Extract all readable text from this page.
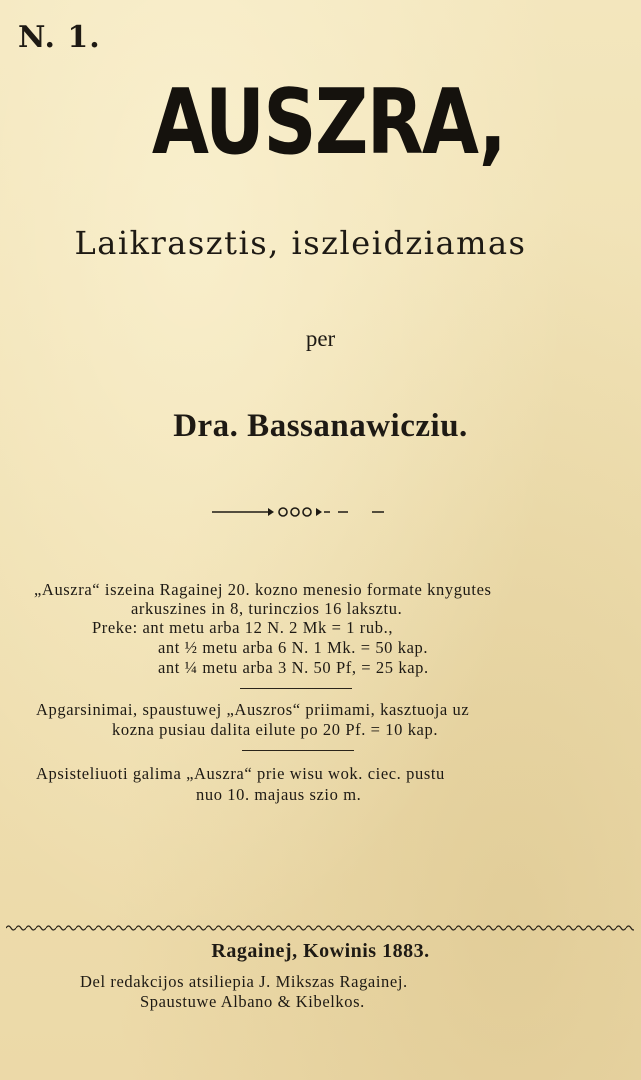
N. 1.
AUSZRA,
Laikrasztis, iszleidziamas
per
Dra. Bassanawicziu.
„Auszra“ iszeina Ragainej 20. kozno menesio formate knygutes
arkuszines in 8, turinczios 16 laksztu.
Preke: ant metu arba 12 N. 2 Mk = 1 rub.,
ant ½ metu arba 6 N. 1 Mk. = 50 kap.
ant ¼ metu arba 3 N. 50 Pf, = 25 kap.
Apgarsinimai, spaustuwej „Auszros“ priimami, kasztuoja uz
kozna pusiau dalita eilute po 20 Pf. = 10 kap.
Apsisteliuoti galima „Auszra“ prie wisu wok. ciec. pustu
nuo 10. majaus szio m.
Ragainej, Kowinis 1883.
Del redakcijos atsiliepia J. Mikszas Ragainej.
Spaustuwe Albano & Kibelkos.
